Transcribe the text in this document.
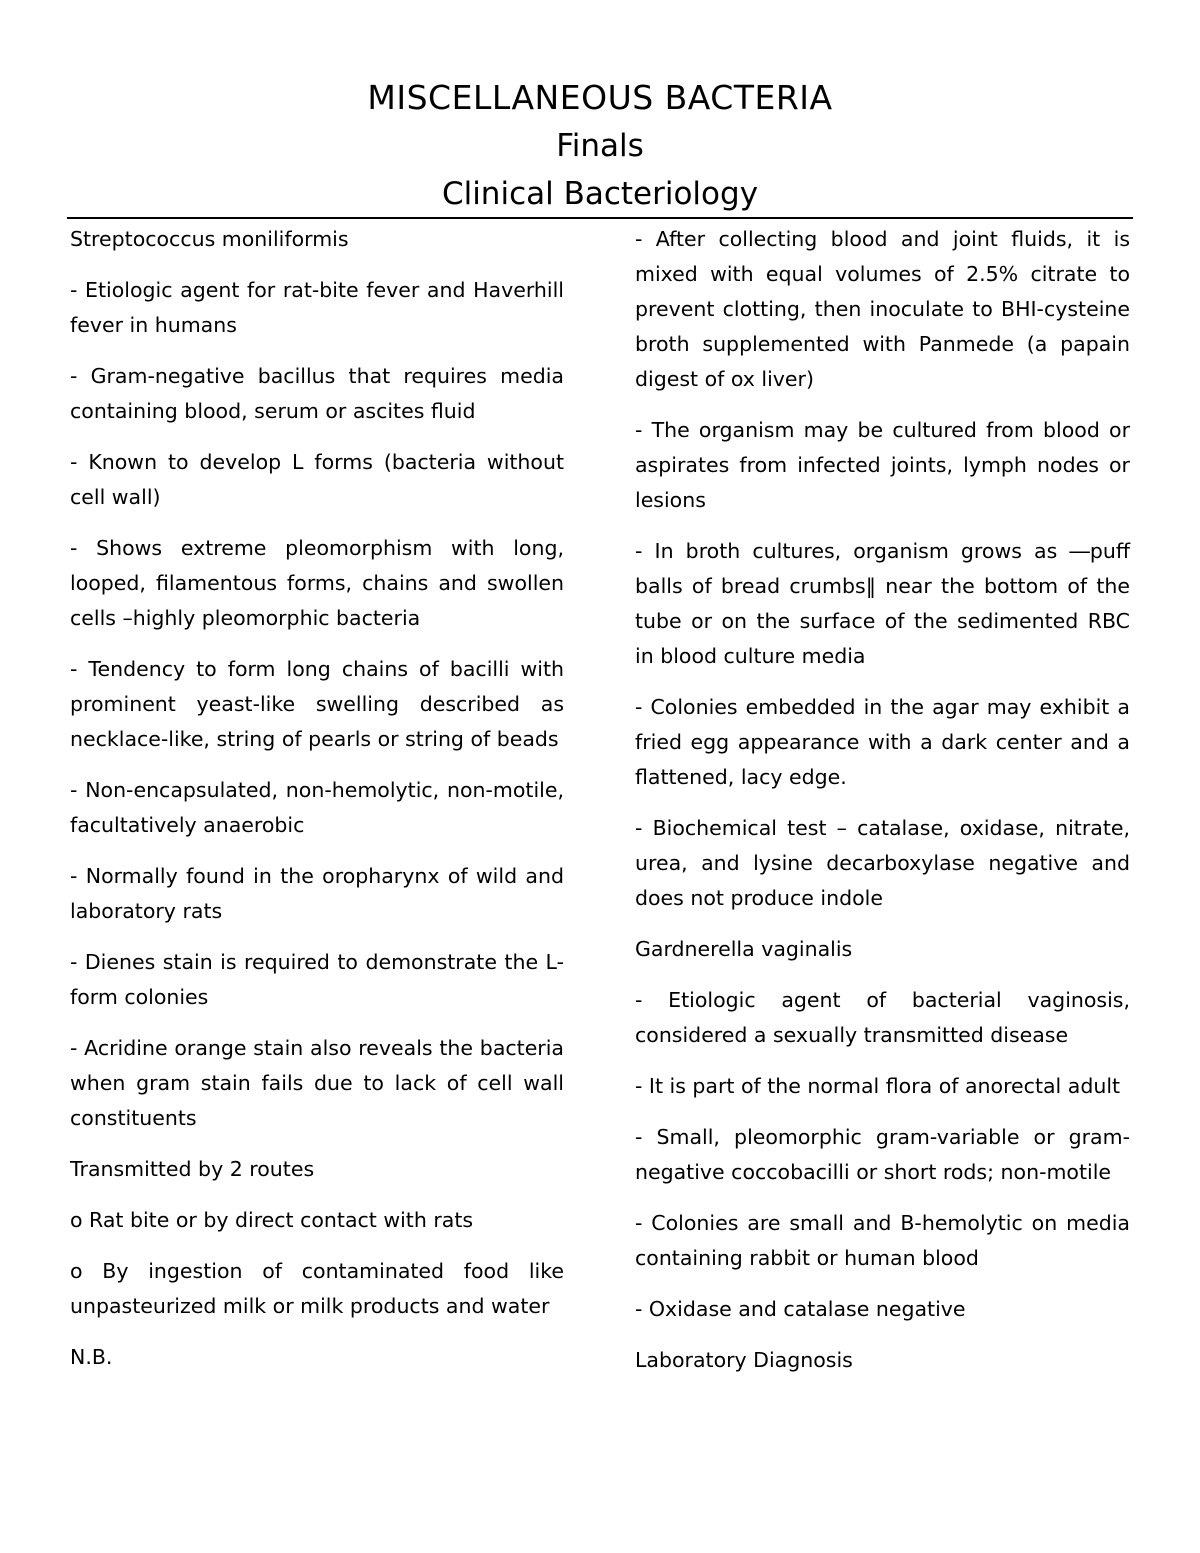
MISCELLANEOUS BACTERIA
Finals
Clinical Bacteriology

Streptococcus moniliformis

- Etiologic agent for rat-bite fever and Haverhill fever in humans

- Gram-negative bacillus that requires media containing blood, serum or ascites fluid

- Known to develop L forms (bacteria without cell wall)

- Shows extreme pleomorphism with long, looped, filamentous forms, chains and swollen cells –highly pleomorphic bacteria

- Tendency to form long chains of bacilli with prominent yeast-like swelling described as necklace-like, string of pearls or string of beads

- Non-encapsulated, non-hemolytic, non-motile, facultatively anaerobic

- Normally found in the oropharynx of wild and laboratory rats

- Dienes stain is required to demonstrate the L-form colonies

- Acridine orange stain also reveals the bacteria when gram stain fails due to lack of cell wall constituents

Transmitted by 2 routes

o Rat bite or by direct contact with rats

o By ingestion of contaminated food like unpasteurized milk or milk products and water

N.B.

- After collecting blood and joint fluids, it is mixed with equal volumes of 2.5% citrate to prevent clotting, then inoculate to BHI-cysteine broth supplemented with Panmede (a papain digest of ox liver)

- The organism may be cultured from blood or aspirates from infected joints, lymph nodes or lesions

- In broth cultures, organism grows as ―puff balls of bread crumbs‖ near the bottom of the tube or on the surface of the sedimented RBC in blood culture media

- Colonies embedded in the agar may exhibit a fried egg appearance with a dark center and a flattened, lacy edge.

- Biochemical test – catalase, oxidase, nitrate, urea, and lysine decarboxylase negative and does not produce indole

Gardnerella vaginalis

- Etiologic agent of bacterial vaginosis, considered a sexually transmitted disease

- It is part of the normal flora of anorectal adult

- Small, pleomorphic gram-variable or gram-negative coccobacilli or short rods; non-motile

- Colonies are small and B-hemolytic on media containing rabbit or human blood

- Oxidase and catalase negative

Laboratory Diagnosis
